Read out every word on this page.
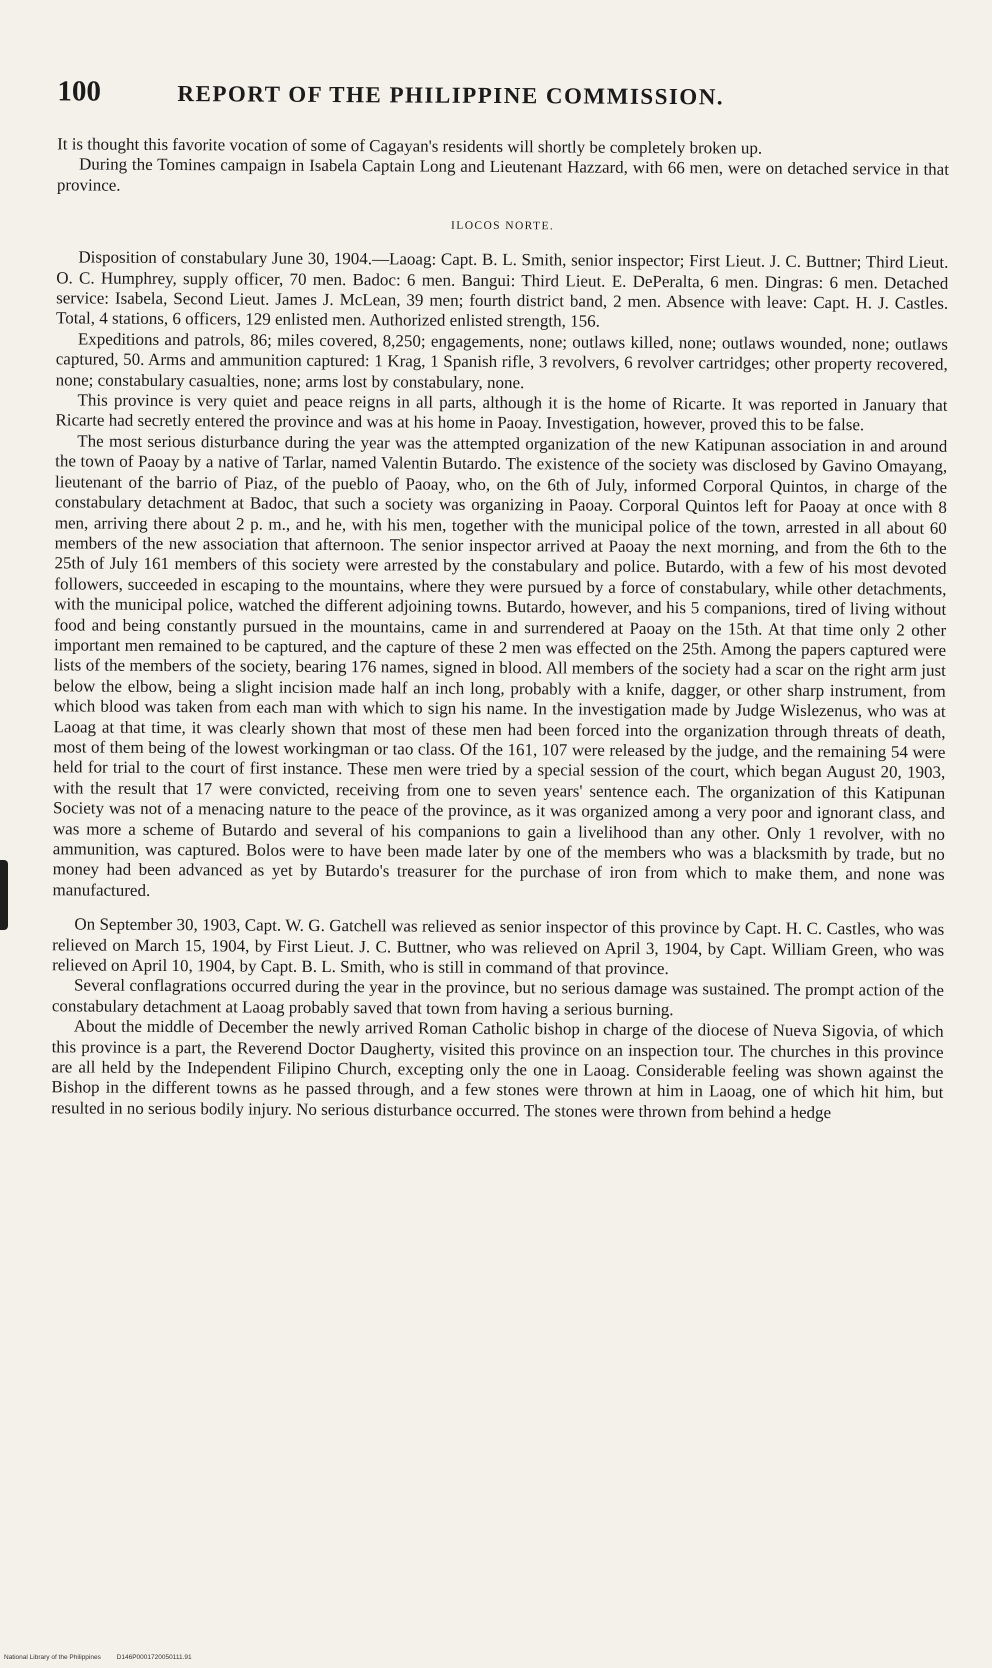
100	REPORT OF THE PHILIPPINE COMMISSION.

It is thought this favorite vocation of some of Cagayan's residents will shortly be completely broken up.

During the Tomines campaign in Isabela Captain Long and Lieutenant Hazzard, with 66 men, were on detached service in that province.

ILOCOS NORTE.

Disposition of constabulary June 30, 1904.—Laoag: Capt. B. L. Smith, senior inspector; First Lieut. J. C. Buttner; Third Lieut. O. C. Humphrey, supply officer, 70 men. Badoc: 6 men. Bangui: Third Lieut. E. DePeralta, 6 men. Dingras: 6 men. Detached service: Isabela, Second Lieut. James J. McLean, 39 men; fourth district band, 2 men. Absence with leave: Capt. H. J. Castles. Total, 4 stations, 6 officers, 129 enlisted men. Authorized enlisted strength, 156.

Expeditions and patrols, 86; miles covered, 8,250; engagements, none; outlaws killed, none; outlaws wounded, none; outlaws captured, 50. Arms and ammunition captured: 1 Krag, 1 Spanish rifle, 3 revolvers, 6 revolver cartridges; other property recovered, none; constabulary casualties, none; arms lost by constabulary, none.

This province is very quiet and peace reigns in all parts, although it is the home of Ricarte. It was reported in January that Ricarte had secretly entered the province and was at his home in Paoay. Investigation, however, proved this to be false.

The most serious disturbance during the year was the attempted organization of the new Katipunan association in and around the town of Paoay by a native of Tarlar, named Valentin Butardo. The existence of the society was disclosed by Gavino Omayang, lieutenant of the barrio of Piaz, of the pueblo of Paoay, who, on the 6th of July, informed Corporal Quintos, in charge of the constabulary detachment at Badoc, that such a society was organizing in Paoay. Corporal Quintos left for Paoay at once with 8 men, arriving there about 2 p. m., and he, with his men, together with the municipal police of the town, arrested in all about 60 members of the new association that afternoon. The senior inspector arrived at Paoay the next morning, and from the 6th to the 25th of July 161 members of this society were arrested by the constabulary and police. Butardo, with a few of his most devoted followers, succeeded in escaping to the mountains, where they were pursued by a force of constabulary, while other detachments, with the municipal police, watched the different adjoining towns. Butardo, however, and his 5 companions, tired of living without food and being constantly pursued in the mountains, came in and surrendered at Paoay on the 15th. At that time only 2 other important men remained to be captured, and the capture of these 2 men was effected on the 25th. Among the papers captured were lists of the members of the society, bearing 176 names, signed in blood. All members of the society had a scar on the right arm just below the elbow, being a slight incision made half an inch long, probably with a knife, dagger, or other sharp instrument, from which blood was taken from each man with which to sign his name. In the investigation made by Judge Wislezenus, who was at Laoag at that time, it was clearly shown that most of these men had been forced into the organization through threats of death, most of them being of the lowest workingman or tao class. Of the 161, 107 were released by the judge, and the remaining 54 were held for trial to the court of first instance. These men were tried by a special session of the court, which began August 20, 1903, with the result that 17 were convicted, receiving from one to seven years' sentence each. The organization of this Katipunan Society was not of a menacing nature to the peace of the province, as it was organized among a very poor and ignorant class, and was more a scheme of Butardo and several of his companions to gain a livelihood than any other. Only 1 revolver, with no ammunition, was captured. Bolos were to have been made later by one of the members who was a blacksmith by trade, but no money had been advanced as yet by Butardo's treasurer for the purchase of iron from which to make them, and none was manufactured.

On September 30, 1903, Capt. W. G. Gatchell was relieved as senior inspector of this province by Capt. H. C. Castles, who was relieved on March 15, 1904, by First Lieut. J. C. Buttner, who was relieved on April 3, 1904, by Capt. William Green, who was relieved on April 10, 1904, by Capt. B. L. Smith, who is still in command of that province.

Several conflagrations occurred during the year in the province, but no serious damage was sustained. The prompt action of the constabulary detachment at Laoag probably saved that town from having a serious burning.

About the middle of December the newly arrived Roman Catholic bishop in charge of the diocese of Nueva Sigovia, of which this province is a part, the Reverend Doctor Daugherty, visited this province on an inspection tour. The churches in this province are all held by the Independent Filipino Church, excepting only the one in Laoag. Considerable feeling was shown against the Bishop in the different towns as he passed through, and a few stones were thrown at him in Laoag, one of which hit him, but resulted in no serious bodily injury. No serious disturbance occurred. The stones were thrown from behind a hedge

National Library of the Philippines D146P0001720050111.91
